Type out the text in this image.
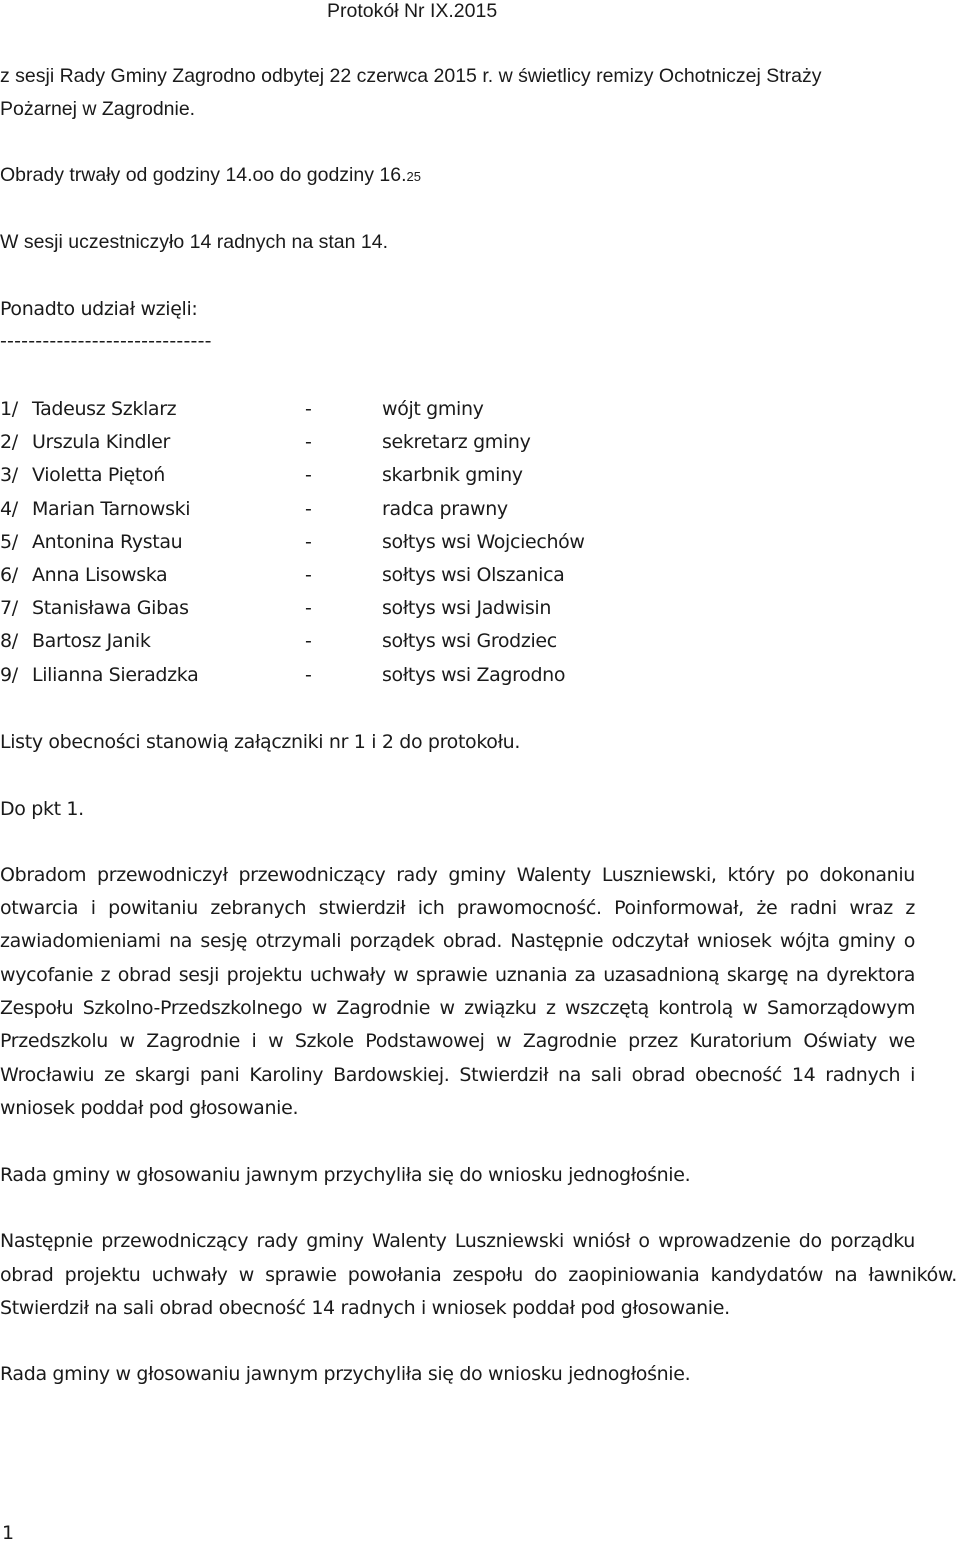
Protokół Nr IX.2015
z sesji Rady Gminy Zagrodno odbytej 22 czerwca 2015 r. w świetlicy remizy Ochotniczej Straży
Pożarnej w Zagrodnie.
Obrady trwały od godziny 14.oo do godziny 16.25
W sesji uczestniczyło 14 radnych na stan 14.
Ponadto udział wzięli:
------------------------------
1/ Tadeusz Szklarz	-	wójt gminy
2/ Urszula Kindler	-	sekretarz gminy
3/ Violetta Piętoń	-	skarbnik gminy
4/ Marian Tarnowski	-	radca prawny
5/ Antonina Rystau	-	sołtys wsi Wojciechów
6/ Anna Lisowska	-	sołtys wsi Olszanica
7/ Stanisława Gibas	-	sołtys wsi Jadwisin
8/ Bartosz Janik	-	sołtys wsi Grodziec
9/ Lilianna Sieradzka	-	sołtys wsi Zagrodno
Listy obecności stanowią załączniki nr 1 i 2 do protokołu.
Do pkt 1.
Obradom przewodniczył przewodniczący rady gminy Walenty Luszniewski, który po dokonaniu
otwarcia i powitaniu zebranych stwierdził ich prawomocność. Poinformował, że radni wraz z
zawiadomieniami na sesję otrzymali porządek obrad. Następnie odczytał wniosek wójta gminy o
wycofanie z obrad sesji projektu uchwały w sprawie uznania za uzasadnioną skargę na dyrektora
Zespołu Szkolno-Przedszkolnego w Zagrodnie w związku z wszczętą kontrolą w Samorządowym
Przedszkolu w Zagrodnie i w Szkole Podstawowej w Zagrodnie przez Kuratorium Oświaty we
Wrocławiu ze skargi pani Karoliny Bardowskiej. Stwierdził na sali obrad obecność 14 radnych i
wniosek poddał pod głosowanie.
Rada gminy w głosowaniu jawnym przychyliła się do wniosku jednogłośnie.
Następnie przewodniczący rady gminy Walenty Luszniewski wniósł o wprowadzenie do porządku
obrad projektu uchwały w sprawie powołania zespołu do zaopiniowania kandydatów na ławników.
Stwierdził na sali obrad obecność 14 radnych i wniosek poddał pod głosowanie.
Rada gminy w głosowaniu jawnym przychyliła się do wniosku jednogłośnie.
1
